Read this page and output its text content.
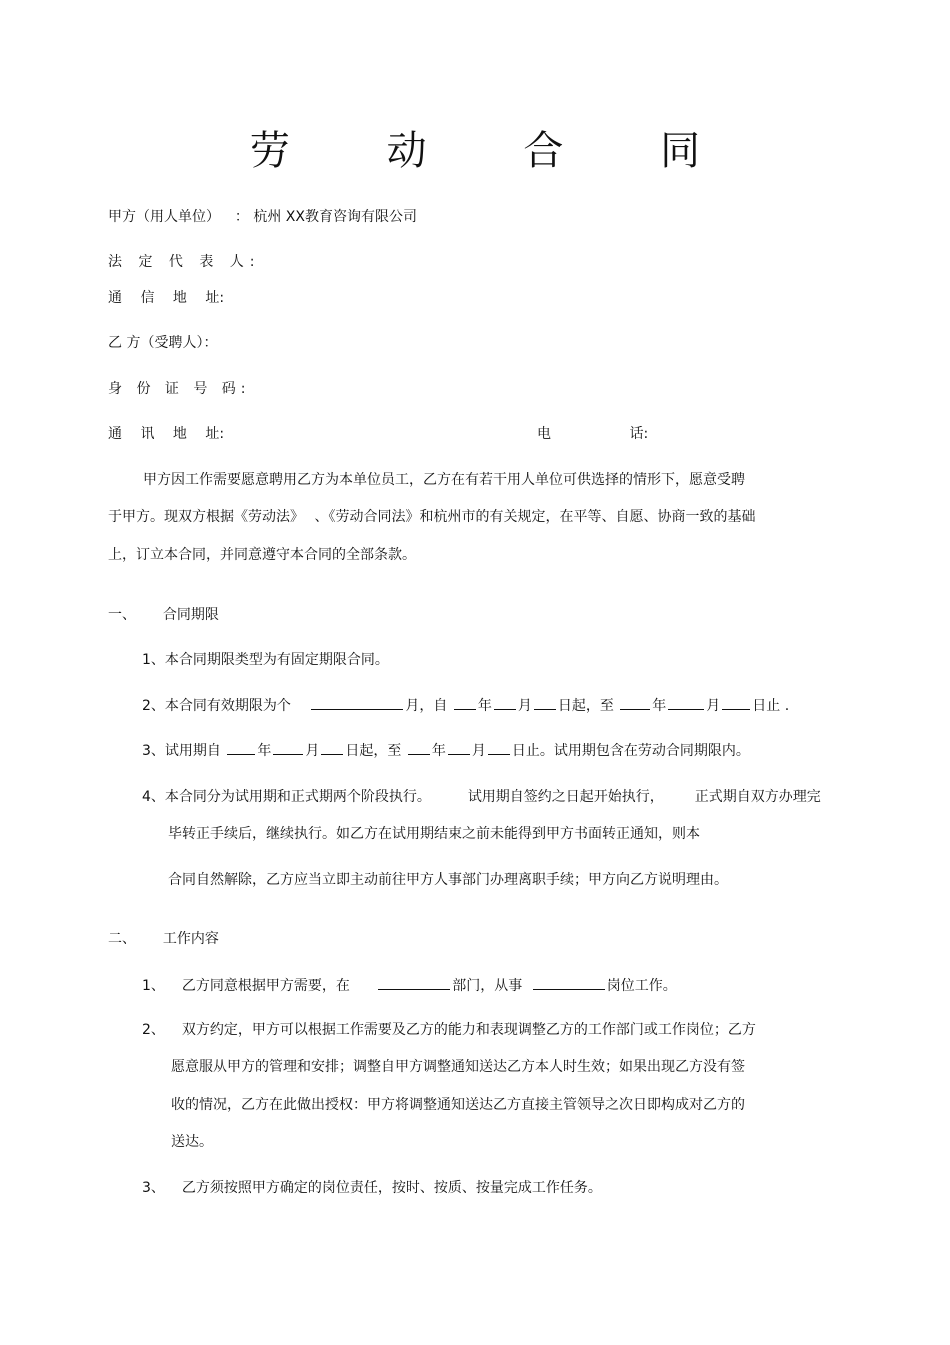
劳 动 合 同
甲方（用人单位） ： 杭州 XX教育咨询有限公司
法 定 代 表 人:
通 信 地 址:
乙 方（受聘人）：
身 份 证 号 码:
通 讯 地 址:	电 话:
甲方因工作需要愿意聘用乙方为本单位员工，乙方在有若干用人单位可供选择的情形下，愿意受聘
于甲方。现双方根据《劳动法》 、《劳动合同法》和杭州市的有关规定，在平等、自愿、协商一致的基础
上，订立本合同，并同意遵守本合同的全部条款。
一、 合同期限
1、本合同期限类型为有固定期限合同。
2、本合同有效期限为个	月，自 年 月 日起，至	年	月 日止 .
3、试用期自	年 月 日起，至 年 月 日止。试用期包含在劳动合同期限内。
4、本合同分为试用期和正式期两个阶段执行。	试用期自签约之日起开始执行， 正式期自双方办理完
毕转正手续后，继续执行。如乙方在试用期结束之前未能得到甲方书面转正通知，则本
合同自然解除，乙方应当立即主动前往甲方人事部门办理离职手续；甲方向乙方说明理由。
二、 工作内容
1、 乙方同意根据甲方需要，在	部门，从事	岗位工作。
2、 双方约定，甲方可以根据工作需要及乙方的能力和表现调整乙方的工作部门或工作岗位；乙方
愿意服从甲方的管理和安排；调整自甲方调整通知送达乙方本人时生效；如果出现乙方没有签
收的情况，乙方在此做出授权：甲方将调整通知送达乙方直接主管领导之次日即构成对乙方的
送达。
3、 乙方须按照甲方确定的岗位责任，按时、按质、按量完成工作任务。
